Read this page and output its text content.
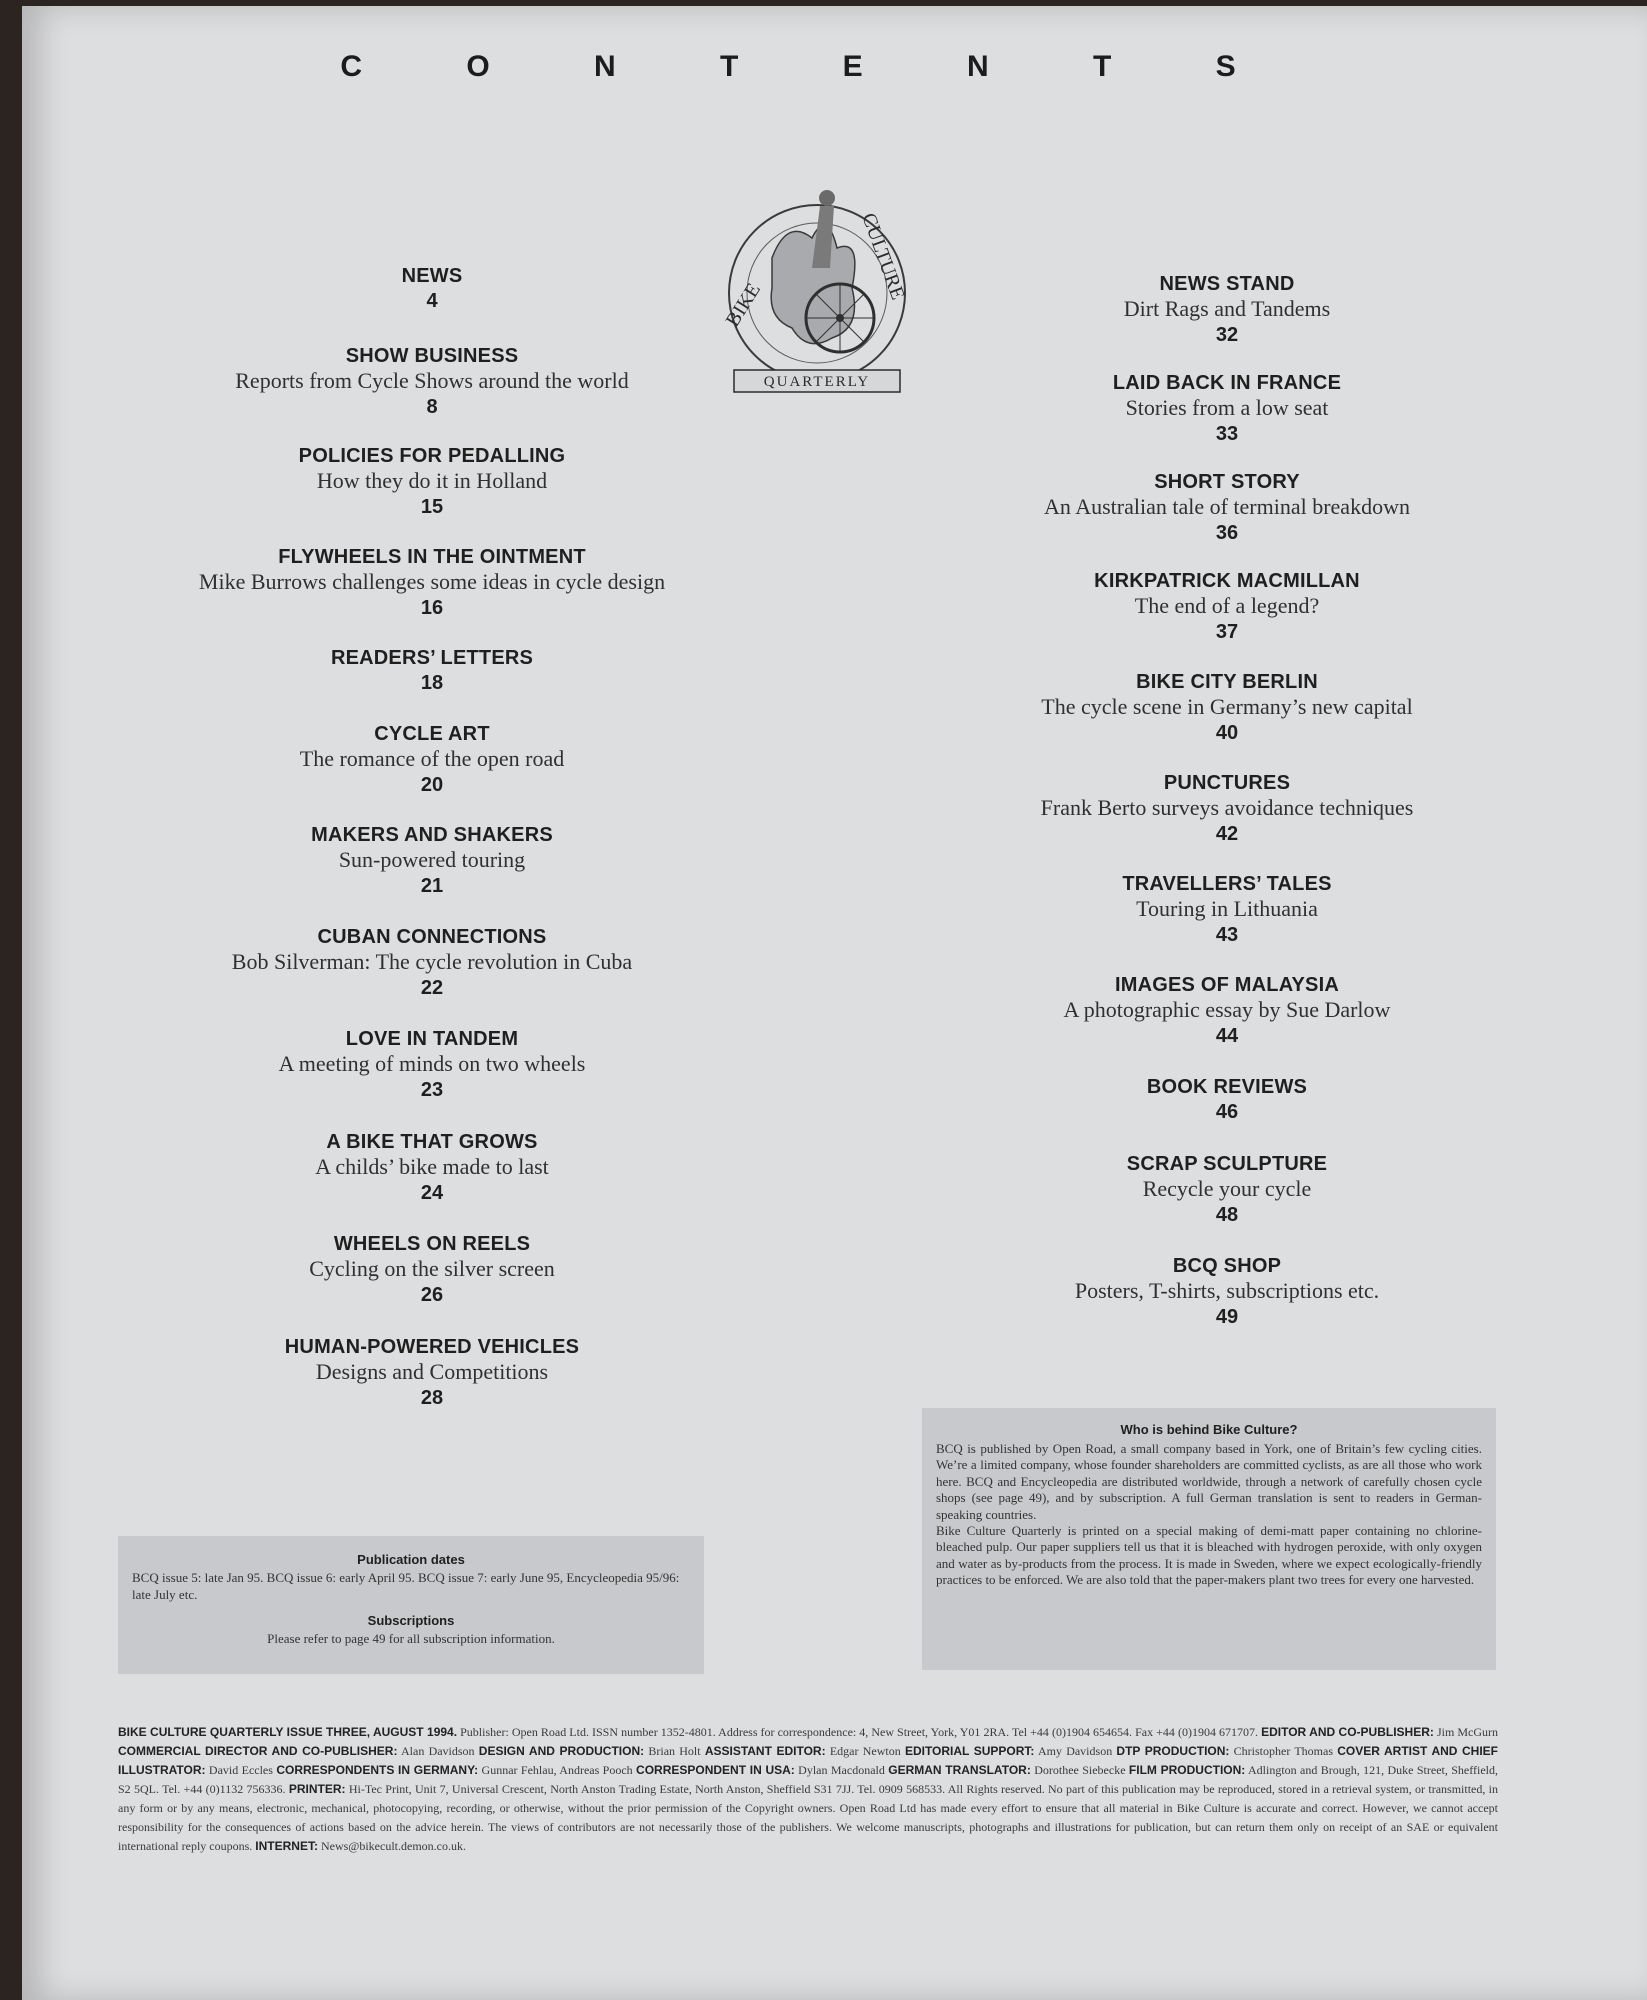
C O N T E N T S
BIKE
CULTURE
QUARTERLY
NEWS
4
SHOW BUSINESS
Reports from Cycle Shows around the world
8
POLICIES FOR PEDALLING
How they do it in Holland
15
FLYWHEELS IN THE OINTMENT
Mike Burrows challenges some ideas in cycle design
16
READERS’ LETTERS
18
CYCLE ART
The romance of the open road
20
MAKERS AND SHAKERS
Sun-powered touring
21
CUBAN CONNECTIONS
Bob Silverman: The cycle revolution in Cuba
22
LOVE IN TANDEM
A meeting of minds on two wheels
23
A BIKE THAT GROWS
A childs’ bike made to last
24
WHEELS ON REELS
Cycling on the silver screen
26
HUMAN-POWERED VEHICLES
Designs and Competitions
28
NEWS STAND
Dirt Rags and Tandems
32
LAID BACK IN FRANCE
Stories from a low seat
33
SHORT STORY
An Australian tale of terminal breakdown
36
KIRKPATRICK MACMILLAN
The end of a legend?
37
BIKE CITY BERLIN
The cycle scene in Germany’s new capital
40
PUNCTURES
Frank Berto surveys avoidance techniques
42
TRAVELLERS’ TALES
Touring in Lithuania
43
IMAGES OF MALAYSIA
A photographic essay by Sue Darlow
44
BOOK REVIEWS
46
SCRAP SCULPTURE
Recycle your cycle
48
BCQ SHOP
Posters, T-shirts, subscriptions etc.
49
Publication dates

BCQ issue 5: late Jan 95. BCQ issue 6: early April 95. BCQ issue 7: early June 95, Encycleopedia 95/96: late July etc.

Subscriptions

Please refer to page 49 for all subscription information.

Who is behind Bike Culture?

BCQ is published by Open Road, a small company based in York, one of Britain’s few cycling cities. We’re a limited company, whose founder shareholders are committed cyclists, as are all those who work here. BCQ and Encycleopedia are distributed worldwide, through a network of carefully chosen cycle shops (see page 49), and by subscription. A full German translation is sent to readers in German-speaking countries.

Bike Culture Quarterly is printed on a special making of demi-matt paper containing no chlorine-bleached pulp. Our paper suppliers tell us that it is bleached with hydrogen peroxide, with only oxygen and water as by-products from the process. It is made in Sweden, where we expect ecologically-friendly practices to be enforced. We are also told that the paper-makers plant two trees for every one harvested.

BIKE CULTURE QUARTERLY ISSUE THREE, AUGUST 1994. Publisher: Open Road Ltd. ISSN number 1352-4801. Address for correspondence: 4, New Street, York, Y01 2RA. Tel +44 (0)1904 654654. Fax +44 (0)1904 671707. EDITOR AND CO-PUBLISHER: Jim McGurn COMMERCIAL DIRECTOR AND CO-PUBLISHER: Alan Davidson DESIGN AND PRODUCTION: Brian Holt ASSISTANT EDITOR: Edgar Newton EDITORIAL SUPPORT: Amy Davidson DTP PRODUCTION: Christopher Thomas COVER ARTIST AND CHIEF ILLUSTRATOR: David Eccles CORRESPONDENTS IN GERMANY: Gunnar Fehlau, Andreas Pooch CORRESPONDENT IN USA: Dylan Macdonald GERMAN TRANSLATOR: Dorothee Siebecke FILM PRODUCTION: Adlington and Brough, 121, Duke Street, Sheffield, S2 5QL. Tel. +44 (0)1132 756336. PRINTER: Hi-Tec Print, Unit 7, Universal Crescent, North Anston Trading Estate, North Anston, Sheffield S31 7JJ. Tel. 0909 568533. All Rights reserved. No part of this publication may be reproduced, stored in a retrieval system, or transmitted, in any form or by any means, electronic, mechanical, photocopying, recording, or otherwise, without the prior permission of the Copyright owners. Open Road Ltd has made every effort to ensure that all material in Bike Culture is accurate and correct. However, we cannot accept responsibility for the consequences of actions based on the advice herein. The views of contributors are not necessarily those of the publishers. We welcome manuscripts, photographs and illustrations for publication, but can return them only on receipt of an SAE or equivalent international reply coupons. INTERNET: News@bikecult.demon.co.uk.
